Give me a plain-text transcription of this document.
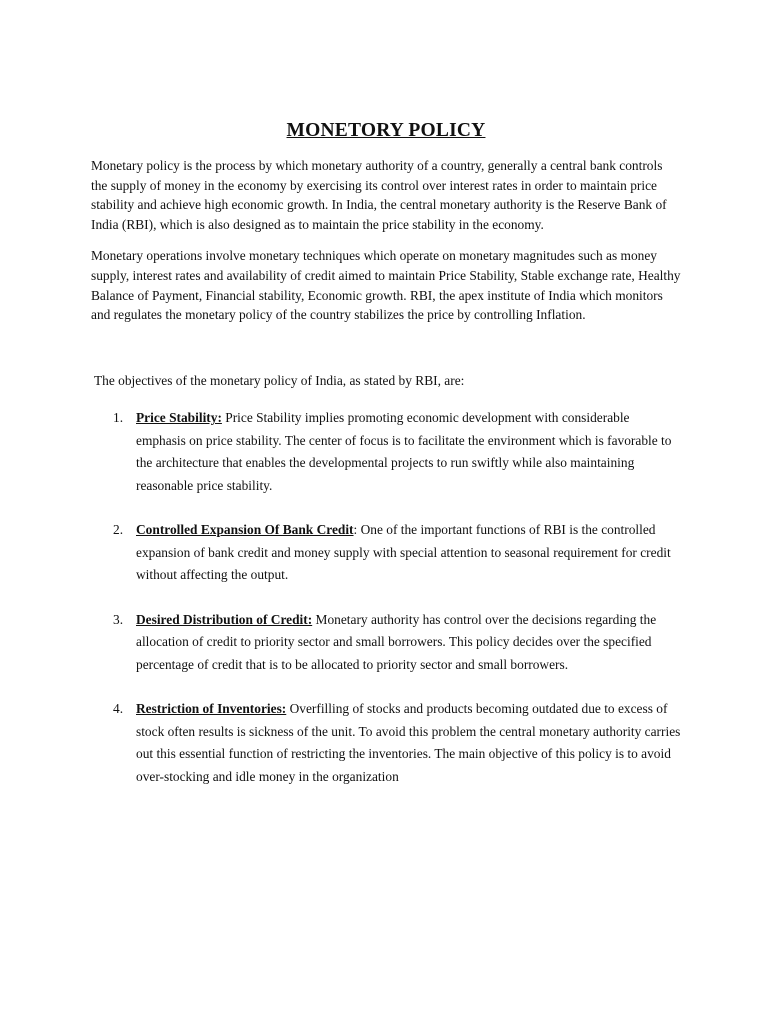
MONETORY POLICY

Monetary policy is the process by which monetary authority of a country, generally a central bank controls the supply of money in the economy by exercising its control over interest rates in order to maintain price stability and achieve high economic growth. In India, the central monetary authority is the Reserve Bank of India (RBI), which is also designed as to maintain the price stability in the economy.

Monetary operations involve monetary techniques which operate on monetary magnitudes such as money supply, interest rates and availability of credit aimed to maintain Price Stability, Stable exchange rate, Healthy Balance of Payment, Financial stability, Economic growth. RBI, the apex institute of India which monitors and regulates the monetary policy of the country stabilizes the price by controlling Inflation.

The objectives of the monetary policy of India, as stated by RBI, are:

1. Price Stability: Price Stability implies promoting economic development with considerable emphasis on price stability. The center of focus is to facilitate the environment which is favorable to the architecture that enables the developmental projects to run swiftly while also maintaining reasonable price stability.
2. Controlled Expansion Of Bank Credit: One of the important functions of RBI is the controlled expansion of bank credit and money supply with special attention to seasonal requirement for credit without affecting the output.
3. Desired Distribution of Credit: Monetary authority has control over the decisions regarding the allocation of credit to priority sector and small borrowers. This policy decides over the specified percentage of credit that is to be allocated to priority sector and small borrowers.
4. Restriction of Inventories: Overfilling of stocks and products becoming outdated due to excess of stock often results is sickness of the unit. To avoid this problem the central monetary authority carries out this essential function of restricting the inventories. The main objective of this policy is to avoid over-stocking and idle money in the organization
